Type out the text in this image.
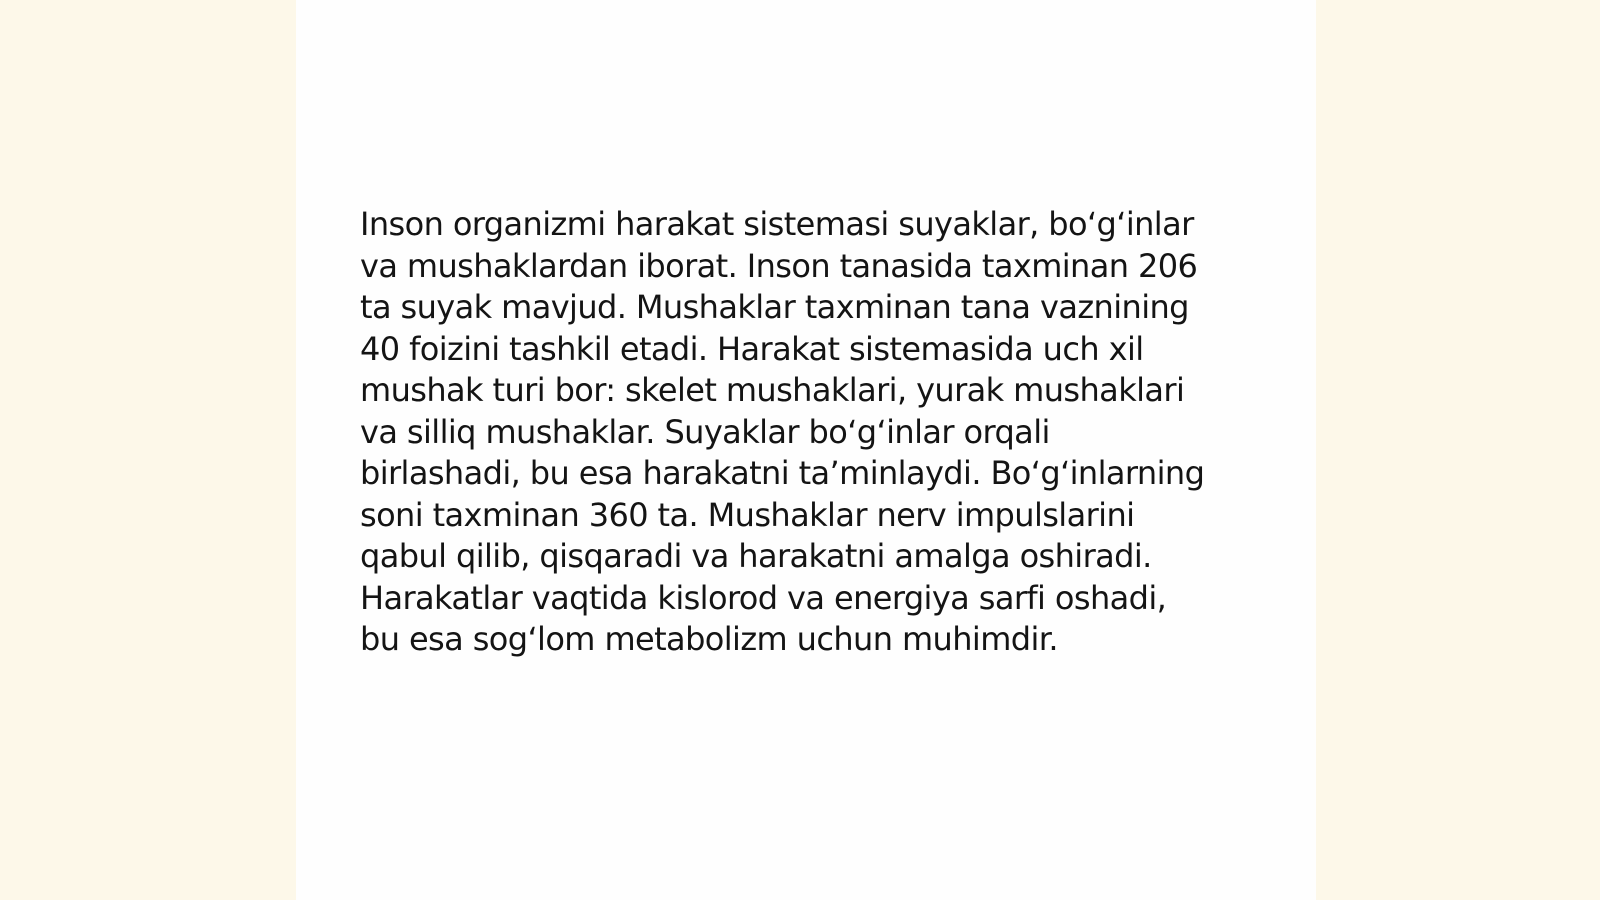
Inson organizmi harakat sistemasi suyaklar, bo‘g‘inlar
va mushaklardan iborat. Inson tanasida taxminan 206
ta suyak mavjud. Mushaklar taxminan tana vaznining
40 foizini tashkil etadi. Harakat sistemasida uch xil
mushak turi bor: skelet mushaklari, yurak mushaklari
va silliq mushaklar. Suyaklar bo‘g‘inlar orqali
birlashadi, bu esa harakatni ta’minlaydi. Bo‘g‘inlarning
soni taxminan 360 ta. Mushaklar nerv impulslarini
qabul qilib, qisqaradi va harakatni amalga oshiradi.
Harakatlar vaqtida kislorod va energiya sarfi oshadi,
bu esa sog‘lom metabolizm uchun muhimdir.
